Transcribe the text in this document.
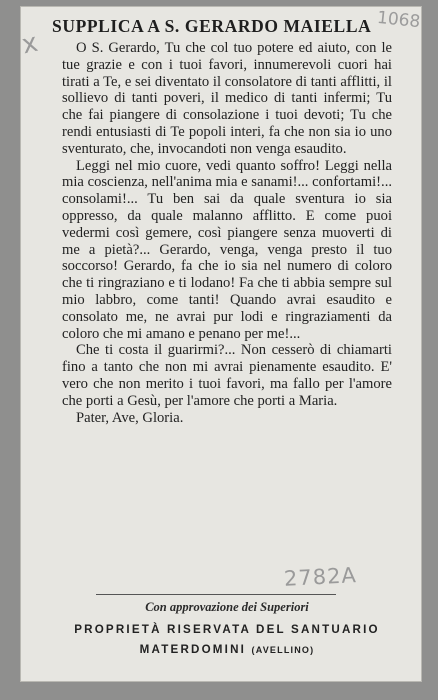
x
1068
SUPPLICA A S. GERARDO MAIELLA

O S. Gerardo, Tu che col tuo potere ed aiuto, con le tue grazie e con i tuoi favori, innumerevoli cuori hai tirati a Te, e sei diventato il consolatore di tanti afflitti, il sollievo di tanti poveri, il medico di tanti infermi; Tu che fai piangere di consolazione i tuoi devoti; Tu che rendi entusiasti di Te popoli interi, fa che non sia io uno sventurato, che, invocandoti non venga esaudito.

Leggi nel mio cuore, vedi quanto soffro! Leggi nella mia coscienza, nell'anima mia e sanami!... confortami!... consolami!... Tu ben sai da quale sventura io sia oppresso, da quale malanno afflitto. E come puoi vedermi così gemere, così piangere senza muoverti di me a pietà?... Gerardo, venga, venga presto il tuo soccorso! Gerardo, fa che io sia nel numero di coloro che ti ringraziano e ti lodano! Fa che ti abbia sempre sul mio labbro, come tanti! Quando avrai esaudito e consolato me, ne avrai pur lodi e ringraziamenti da coloro che mi amano e penano per me!...

Che ti costa il guarirmi?... Non cesserò di chiamarti fino a tanto che non mi avrai pienamente esaudito. E' vero che non merito i tuoi favori, ma fallo per l'amore che porti a Gesù, per l'amore che porti a Maria.

Pater, Ave, Gloria.

2782A
Con approvazione dei Superiori
PROPRIETÀ RISERVATA DEL SANTUARIO
MATERDOMINI (AVELLINO)
